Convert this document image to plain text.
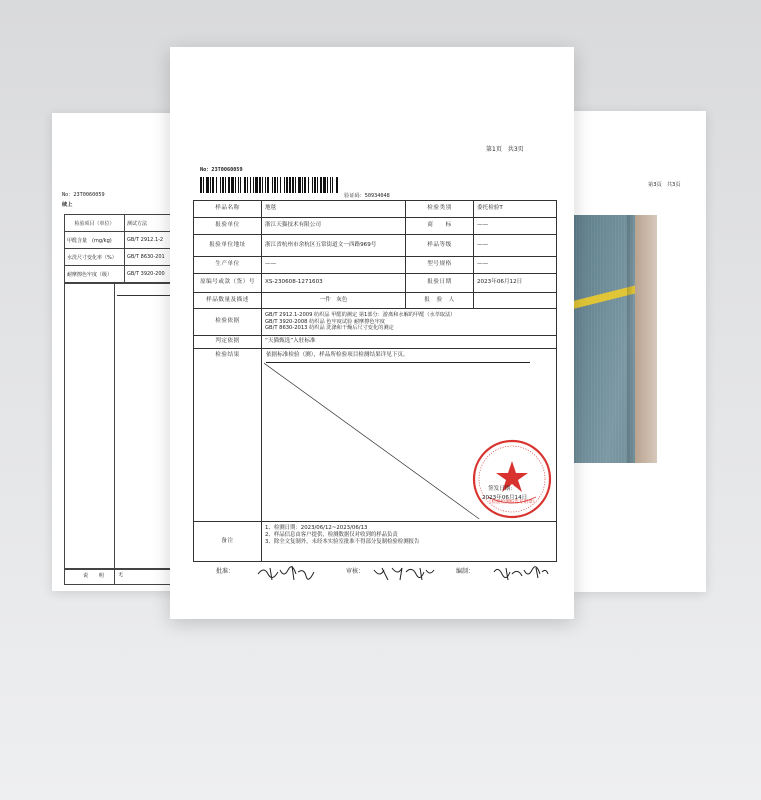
No：23T0060059
续上
检验项目（单位）	测试方法
甲醛含量　(mg/kg)	GB/T 2912.1-2
水洗尺寸变化率（%）	GB/T 8630-201
耐摩擦色牢度（级）	GB/T 3920-200
说　　明	无
第3页　共3页
第1页　共3页
No：23T0060059
验证码：50934048
样品名称	地毯	检验类别	委托检验T
报验单位	浙江天猫技术有限公司	商　　标	——
报验单位地址	浙江省杭州市余杭区五常街道文一西路969号	样品等级	——
生产单位	——	型号规格	——
原编号或款（货）号	XS-230608-1271603	报验日期	2023年06月12日
样品数量及描述	一件　灰色	报　验　人	
检验依据	GB/T 2912.1-2009 纺织品 甲醛的测定 第1部分：游离和水解的甲醛（水萃取法）
GB/T 3920-2008 纺织品 色牢度试验 耐摩擦色牢度
GB/T 8630-2013 纺织品 洗涤和干燥后尺寸变化的测定		

判定依据	“天猫甄选”入驻标准		
检验结果	依据标准检验（测），样品所检验项目检测结果详见下页。
（检验检测报告专用章）
签发日期：
2023年06月14日		

备注	1、检测日期：2023/06/12~2023/06/13
2、样品信息由客户提供，检测数据仅对收到的样品负责
3、除全文复制外，未经本实验室批准不得部分复制检验检测报告		
批准：	审核：	编制：
